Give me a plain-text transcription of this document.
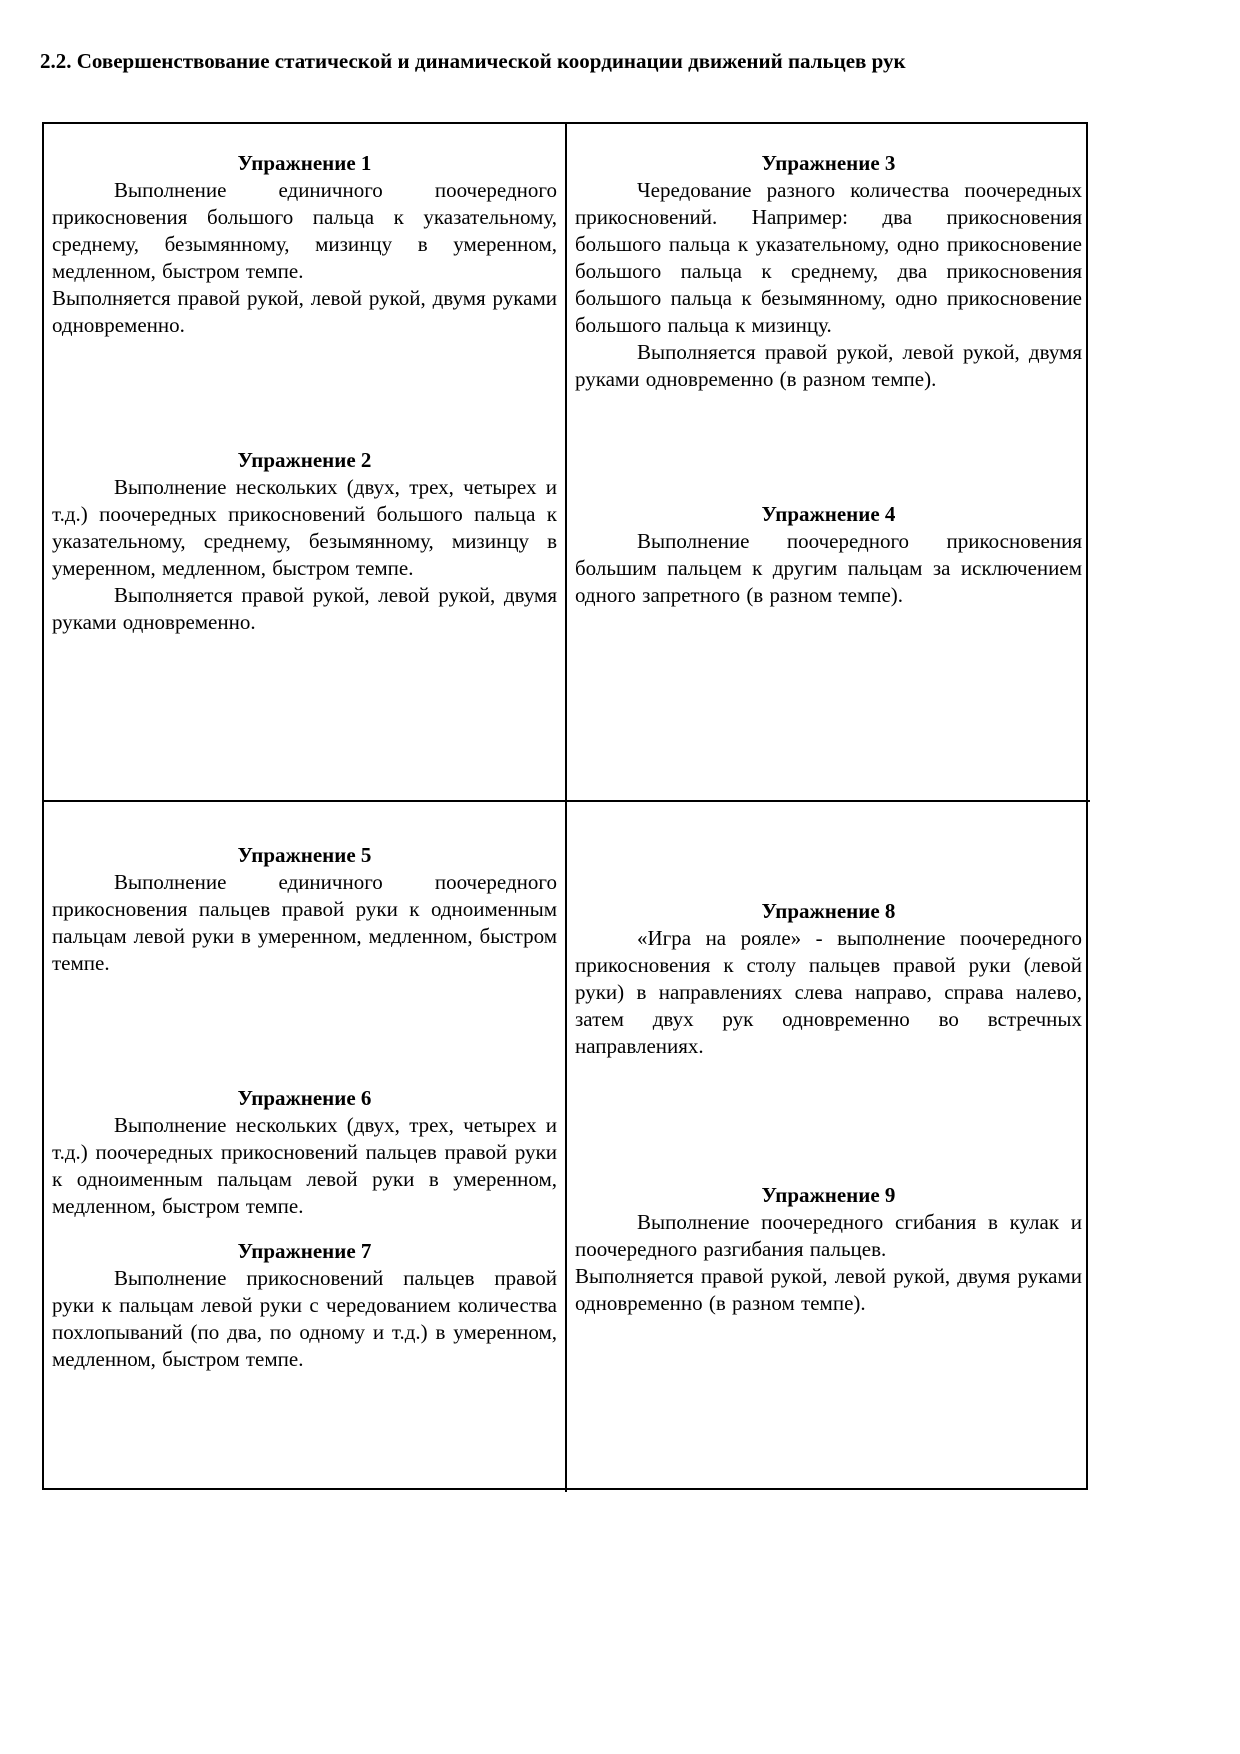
2.2. Совершенствование статической и динамической координации движений пальцев рук

Упражнение 1

Выполнение единичного поочередного прикосновения большого пальца к указательному, среднему, безымянному, мизинцу в умеренном, медленном, быстром темпе.

Выполняется правой рукой, левой рукой, двумя руками одновременно.

Упражнение 2

Выполнение нескольких (двух, трех, четырех и т.д.) поочередных прикосновений большого пальца к указательному, среднему, безымянному, мизинцу в умеренном, медленном, быстром темпе.

Выполняется правой рукой, левой рукой, двумя руками одновременно.

Упражнение 3

Чередование разного количества поочередных прикосновений. Например: два прикосновения большого пальца к указательному, одно прикосновение большого пальца к среднему, два прикосновения большого пальца к безымянному, одно прикосновение большого пальца к мизинцу.

Выполняется правой рукой, левой рукой, двумя руками одновременно (в разном темпе).

Упражнение 4

Выполнение поочередного прикосновения большим пальцем к другим пальцам за исключением одного запретного (в разном темпе).

Упражнение 5

Выполнение единичного поочередного прикосновения пальцев правой руки к одноименным пальцам левой руки в умеренном, медленном, быстром темпе.

Упражнение 6

Выполнение нескольких (двух, трех, четырех и т.д.) поочередных прикосновений пальцев правой руки к одноименным пальцам левой руки в умеренном, медленном, быстром темпе.

Упражнение 7

Выполнение прикосновений пальцев правой руки к пальцам левой руки с чередованием количества похлопываний (по два, по одному и т.д.) в умеренном, медленном, быстром темпе.

Упражнение 8

«Игра на рояле» - выполнение поочередного прикосновения к столу пальцев правой руки (левой руки) в направлениях слева направо, справа налево, затем двух рук одновременно во встречных направлениях.

Упражнение 9

Выполнение поочередного сгибания в кулак и поочередного разгибания пальцев.

Выполняется правой рукой, левой рукой, двумя руками одновременно (в разном темпе).
